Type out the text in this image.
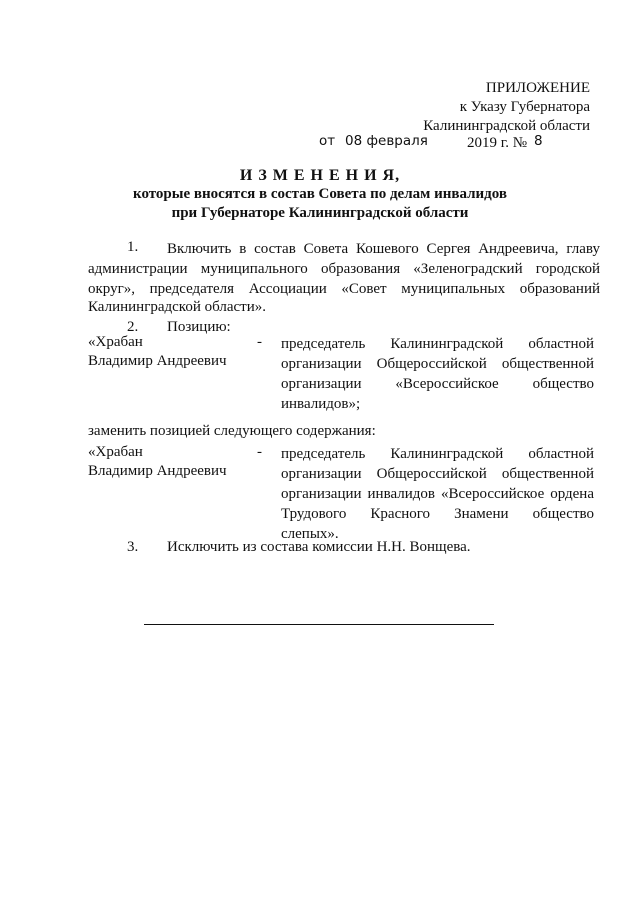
ПРИЛОЖЕНИЕ
к Указу Губернатора
Калининградской области
от 08 февраля	2019 г. № 8
И З М Е Н Е Н И Я,
которые вносятся в состав Совета по делам инвалидов
при Губернаторе Калининградской области
1. Включить в состав Совета Кошевого Сергея Андреевича, главу
администрации муниципального образования «Зеленоградский городской
округ», председателя Ассоциации «Совет муниципальных образований
Калининградской области».
2. Позицию:
«Храбан
Владимир Андреевич
- председатель Калининградской областной
организации Общероссийской общественной
организации «Всероссийское общество
инвалидов»;
заменить позицией следующего содержания:
«Храбан
Владимир Андреевич
- председатель Калининградской областной
организации Общероссийской общественной
организации инвалидов «Всероссийское ордена
Трудового Красного Знамени общество
слепых».
3. Исключить из состава комиссии Н.Н. Вонщева.
